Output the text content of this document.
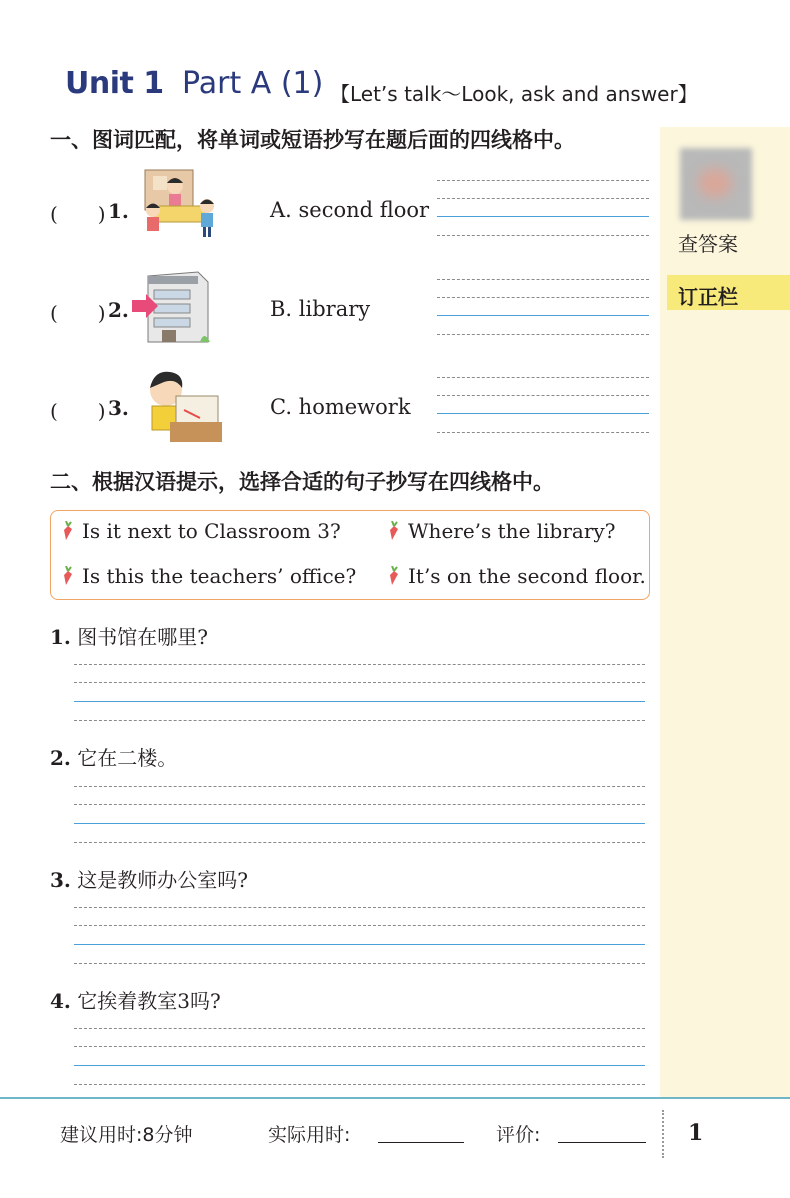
Unit 1 Part A (1) 【Let’s talk～Look, ask and answer】
查答案
订正栏
一、图词匹配，将单词或短语抄写在题后面的四线格中。
(　　) 1.	A. second floor
(　　) 2.	B. library
(　　) 3.	C. homework
二、根据汉语提示，选择合适的句子抄写在四线格中。
Is it next to Classroom 3?	Where’s the library?
Is this the teachers’ office?	It’s on the second floor.
1. 图书馆在哪里?
2. 它在二楼。
3. 这是教师办公室吗?
4. 它挨着教室3吗?
建议用时:8分钟	实际用时:	评价:	1
